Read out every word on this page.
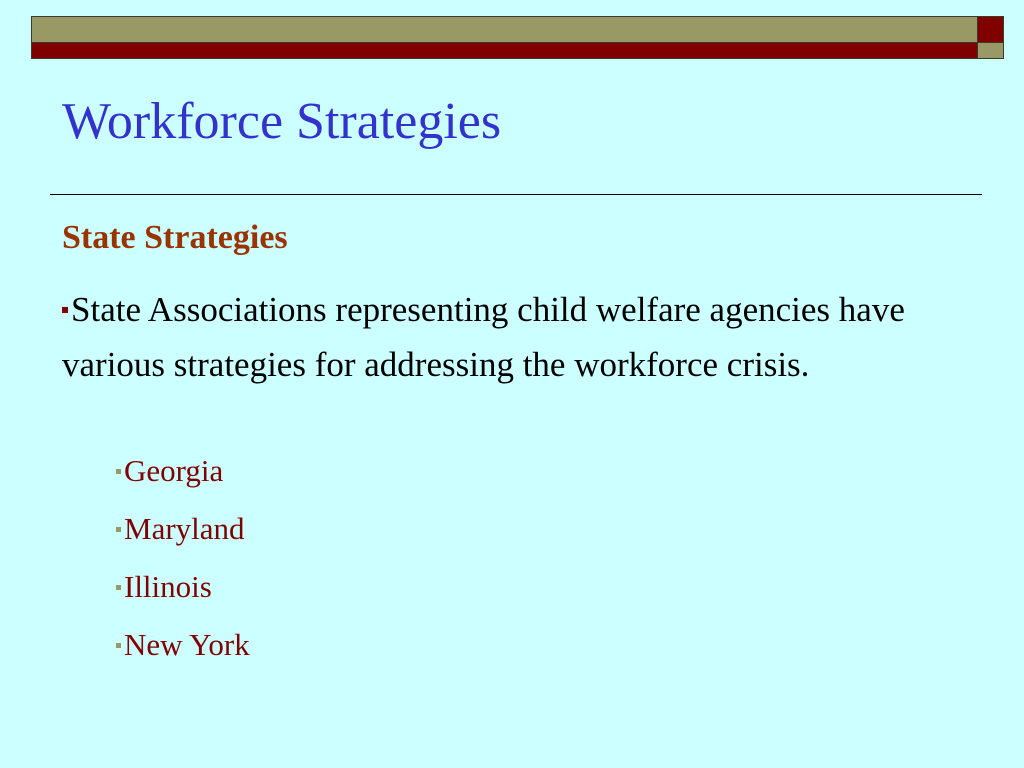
Workforce Strategies
State Strategies
State Associations representing child welfare agencies have various strategies for addressing the workforce crisis.
Georgia
Maryland
Illinois
New York
